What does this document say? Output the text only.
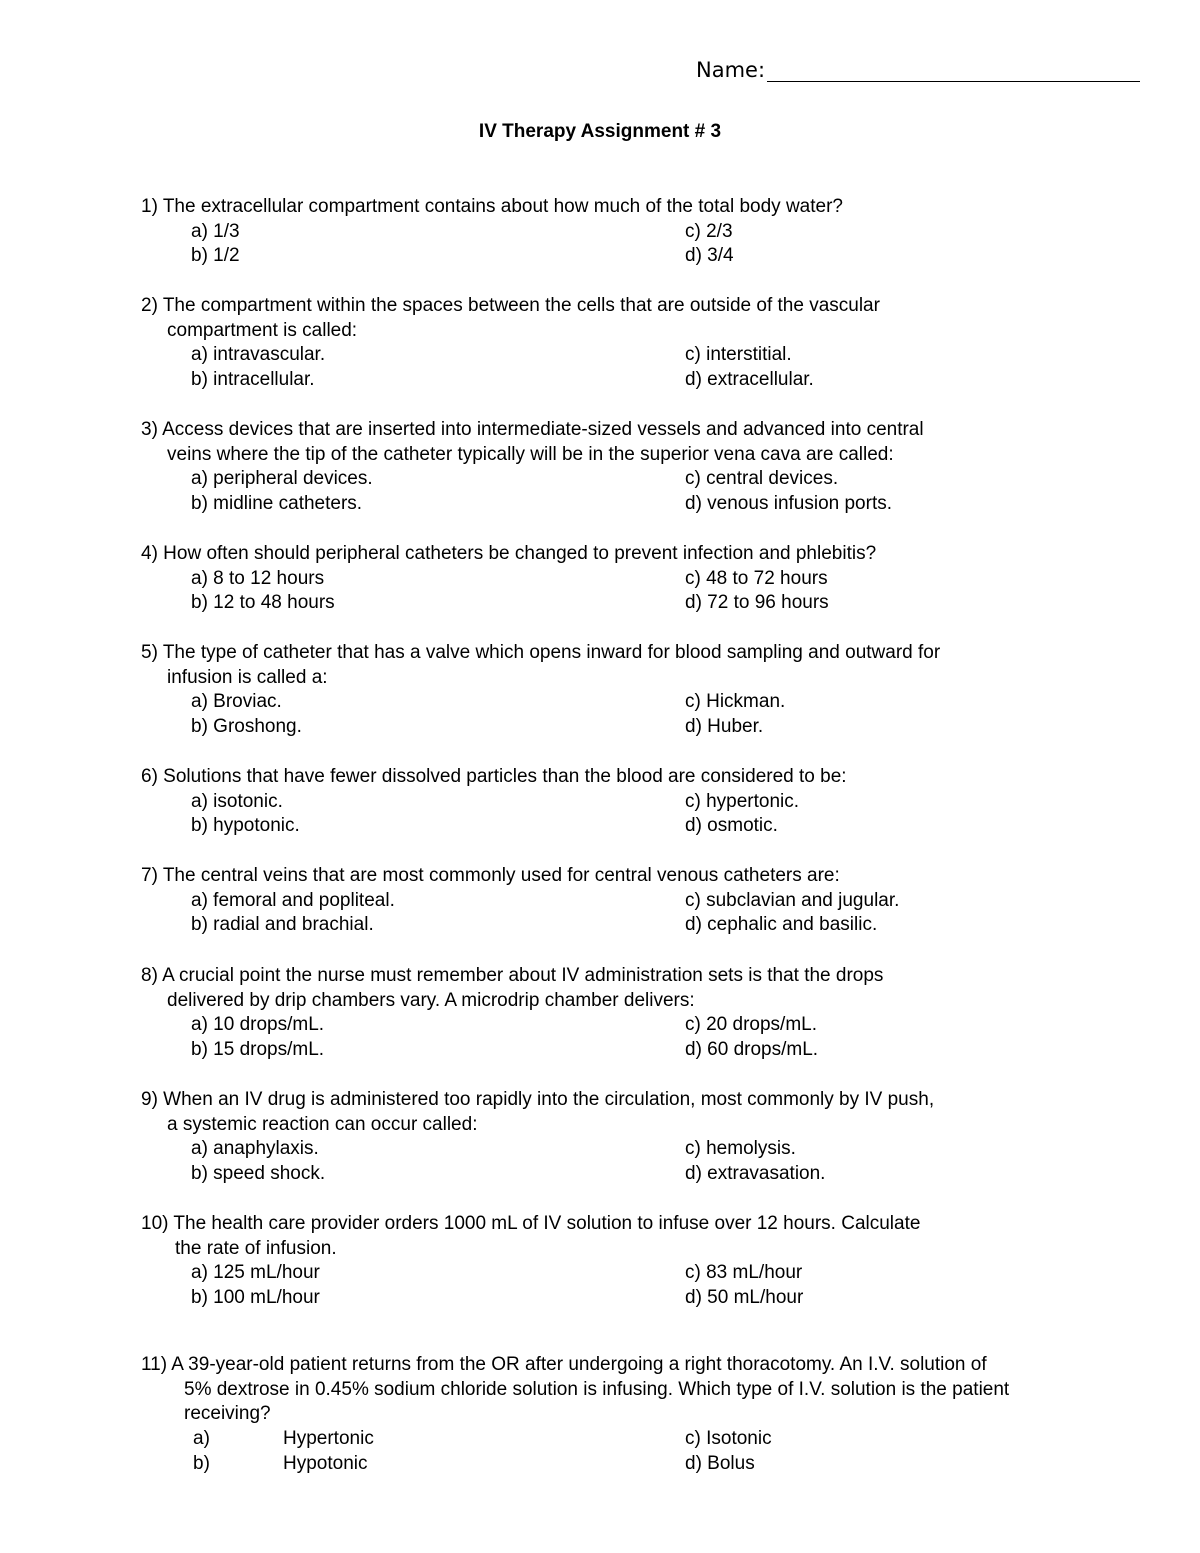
Name:
IV Therapy Assignment # 3
1) The extracellular compartment contains about how much of the total body water?
a) 1/3	c) 2/3
b) 1/2	d) 3/4
2) The compartment within the spaces between the cells that are outside of the vascular
compartment is called:
a) intravascular.	c) interstitial.
b) intracellular.	d) extracellular.
3) Access devices that are inserted into intermediate-sized vessels and advanced into central
veins where the tip of the catheter typically will be in the superior vena cava are called:
a) peripheral devices.	c) central devices.
b) midline catheters.	d) venous infusion ports.
4) How often should peripheral catheters be changed to prevent infection and phlebitis?
a) 8 to 12 hours	c) 48 to 72 hours
b) 12 to 48 hours	d) 72 to 96 hours
5) The type of catheter that has a valve which opens inward for blood sampling and outward for
infusion is called a:
a) Broviac.	c) Hickman.
b) Groshong.	d) Huber.
6) Solutions that have fewer dissolved particles than the blood are considered to be:
a) isotonic.	c) hypertonic.
b) hypotonic.	d) osmotic.
7) The central veins that are most commonly used for central venous catheters are:
a) femoral and popliteal.	c) subclavian and jugular.
b) radial and brachial.	d) cephalic and basilic.
8) A crucial point the nurse must remember about IV administration sets is that the drops
delivered by drip chambers vary. A microdrip chamber delivers:
a) 10 drops/mL.	c) 20 drops/mL.
b) 15 drops/mL.	d) 60 drops/mL.
9) When an IV drug is administered too rapidly into the circulation, most commonly by IV push,
a systemic reaction can occur called:
a) anaphylaxis.	c) hemolysis.
b) speed shock.	d) extravasation.
10) The health care provider orders 1000 mL of IV solution to infuse over 12 hours. Calculate
the rate of infusion.
a) 125 mL/hour	c) 83 mL/hour
b) 100 mL/hour	d) 50 mL/hour
11) A 39-year-old patient returns from the OR after undergoing a right thoracotomy. An I.V. solution of
5% dextrose in 0.45% sodium chloride solution is infusing. Which type of I.V. solution is the patient
receiving?
a)	Hypertonic	c) Isotonic
b)	Hypotonic	d) Bolus
